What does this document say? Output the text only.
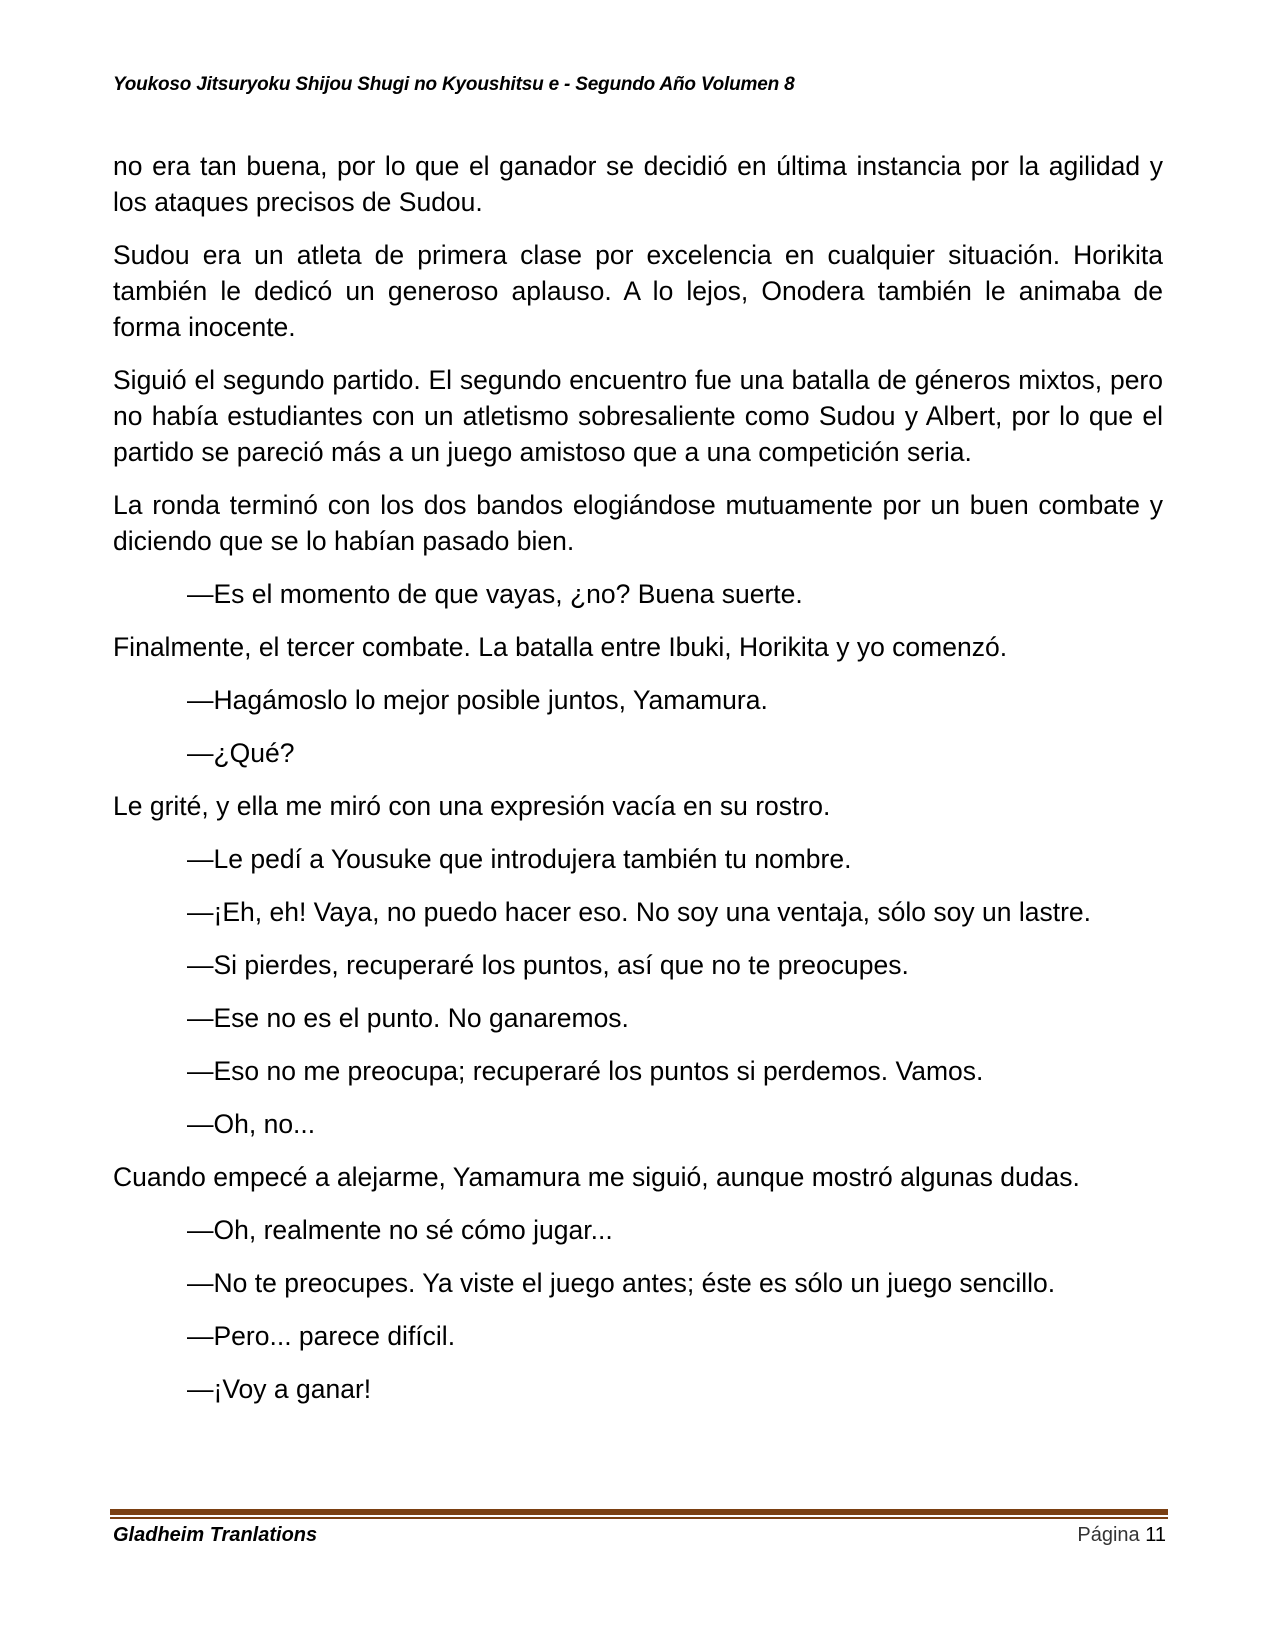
Youkoso Jitsuryoku Shijou Shugi no Kyoushitsu e - Segundo Año Volumen 8

no era tan buena, por lo que el ganador se decidió en última instancia por la agilidad y los ataques precisos de Sudou.

Sudou era un atleta de primera clase por excelencia en cualquier situación. Horikita también le dedicó un generoso aplauso. A lo lejos, Onodera también le animaba de forma inocente.

Siguió el segundo partido. El segundo encuentro fue una batalla de géneros mixtos, pero no había estudiantes con un atletismo sobresaliente como Sudou y Albert, por lo que el partido se pareció más a un juego amistoso que a una competición seria.

La ronda terminó con los dos bandos elogiándose mutuamente por un buen combate y diciendo que se lo habían pasado bien.

—Es el momento de que vayas, ¿no? Buena suerte.

Finalmente, el tercer combate. La batalla entre Ibuki, Horikita y yo comenzó.

—Hagámoslo lo mejor posible juntos, Yamamura.

—¿Qué?

Le grité, y ella me miró con una expresión vacía en su rostro.

—Le pedí a Yousuke que introdujera también tu nombre.

—¡Eh, eh! Vaya, no puedo hacer eso. No soy una ventaja, sólo soy un lastre.

—Si pierdes, recuperaré los puntos, así que no te preocupes.

—Ese no es el punto. No ganaremos.

—Eso no me preocupa; recuperaré los puntos si perdemos. Vamos.

—Oh, no...

Cuando empecé a alejarme, Yamamura me siguió, aunque mostró algunas dudas.

—Oh, realmente no sé cómo jugar...

—No te preocupes. Ya viste el juego antes; éste es sólo un juego sencillo.

—Pero... parece difícil.

—¡Voy a ganar!

Gladheim Tranlations	Página 11
